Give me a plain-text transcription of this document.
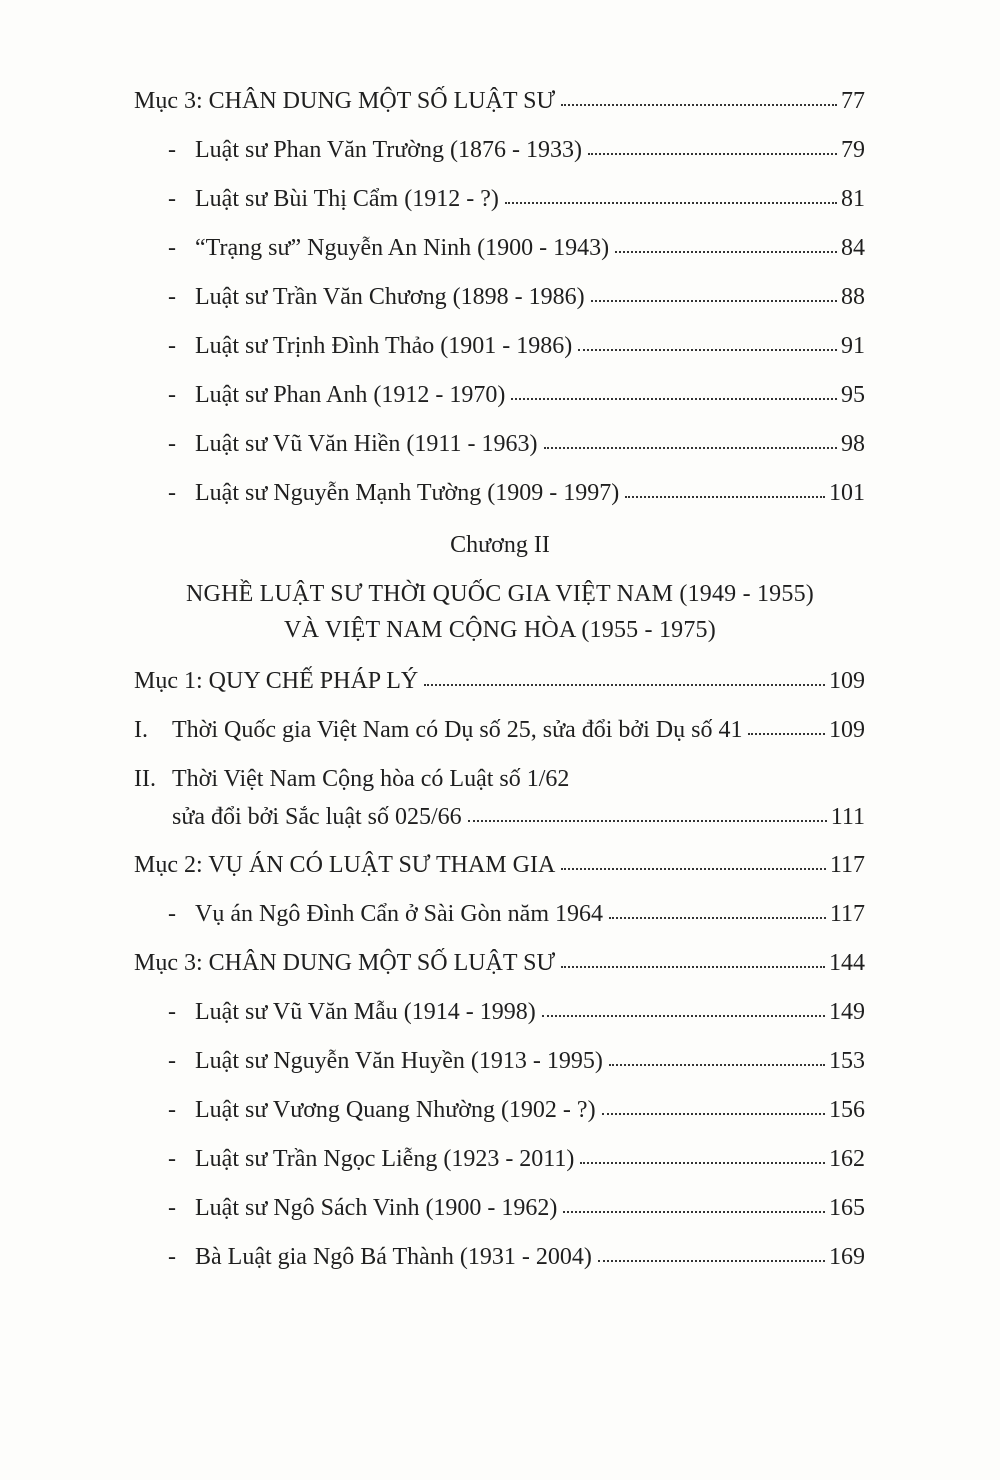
Mục 3: CHÂN DUNG MỘT SỐ LUẬT SƯ	77
- Luật sư Phan Văn Trường (1876 - 1933)	79
- Luật sư Bùi Thị Cẩm (1912 - ?)	81
- “Trạng sư” Nguyễn An Ninh (1900 - 1943)	84
- Luật sư Trần Văn Chương (1898 - 1986)	88
- Luật sư Trịnh Đình Thảo (1901 - 1986)	91
- Luật sư Phan Anh (1912 - 1970)	95
- Luật sư Vũ Văn Hiền (1911 - 1963)	98
- Luật sư Nguyễn Mạnh Tường (1909 - 1997)	101
Chương II
NGHỀ LUẬT SƯ THỜI QUỐC GIA VIỆT NAM (1949 - 1955)
VÀ VIỆT NAM CỘNG HÒA (1955 - 1975)
Mục 1: QUY CHẾ PHÁP LÝ	109
I.	Thời Quốc gia Việt Nam có Dụ số 25, sửa đổi bởi Dụ số 41	109
II. Thời Việt Nam Cộng hòa có Luật số 1/62
sửa đổi bởi Sắc luật số 025/66	111
Mục 2: VỤ ÁN CÓ LUẬT SƯ THAM GIA	117
- Vụ án Ngô Đình Cẩn ở Sài Gòn năm 1964	117
Mục 3: CHÂN DUNG MỘT SỐ LUẬT SƯ	144
- Luật sư Vũ Văn Mẫu (1914 - 1998)	149
- Luật sư Nguyễn Văn Huyền (1913 - 1995)	153
- Luật sư Vương Quang Nhường (1902 - ?)	156
- Luật sư Trần Ngọc Liễng (1923 - 2011)	162
- Luật sư Ngô Sách Vinh (1900 - 1962)	165
- Bà Luật gia Ngô Bá Thành (1931 - 2004)	169
